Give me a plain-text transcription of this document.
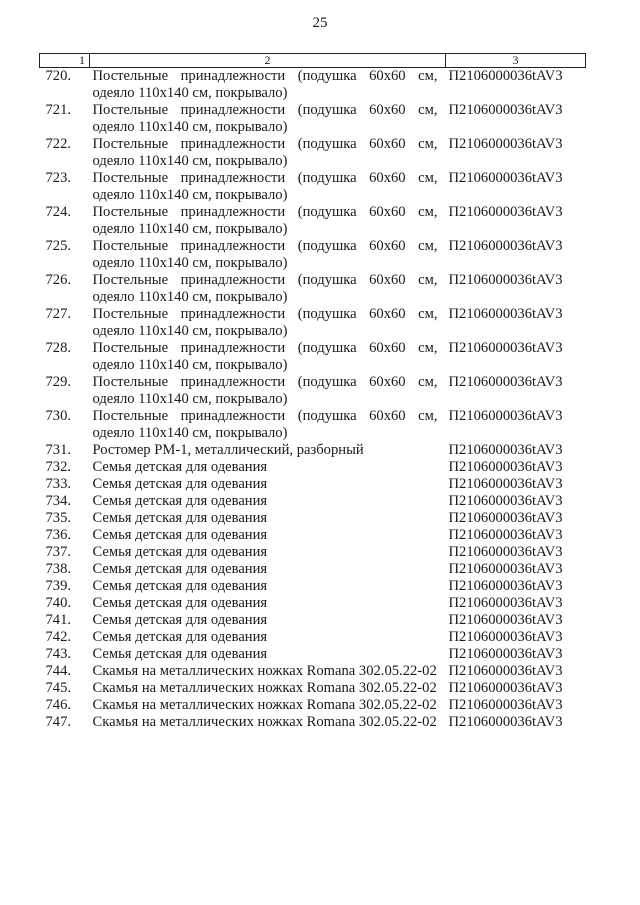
25
1	2	3
720.	Постельные принадлежности (подушка 60x60 см, одеяло 110x140 см, покрывало)	П2106000036tAV3
721.	Постельные принадлежности (подушка 60x60 см, одеяло 110x140 см, покрывало)	П2106000036tAV3
722.	Постельные принадлежности (подушка 60x60 см, одеяло 110x140 см, покрывало)	П2106000036tAV3
723.	Постельные принадлежности (подушка 60x60 см, одеяло 110x140 см, покрывало)	П2106000036tAV3
724.	Постельные принадлежности (подушка 60x60 см, одеяло 110x140 см, покрывало)	П2106000036tAV3
725.	Постельные принадлежности (подушка 60x60 см, одеяло 110x140 см, покрывало)	П2106000036tAV3
726.	Постельные принадлежности (подушка 60x60 см, одеяло 110x140 см, покрывало)	П2106000036tAV3
727.	Постельные принадлежности (подушка 60x60 см, одеяло 110x140 см, покрывало)	П2106000036tAV3
728.	Постельные принадлежности (подушка 60x60 см, одеяло 110x140 см, покрывало)	П2106000036tAV3
729.	Постельные принадлежности (подушка 60x60 см, одеяло 110x140 см, покрывало)	П2106000036tAV3
730.	Постельные принадлежности (подушка 60x60 см, одеяло 110x140 см, покрывало)	П2106000036tAV3
731.	Ростомер РМ-1, металлический, разборный	П2106000036tAV3
732.	Семья детская для одевания	П2106000036tAV3
733.	Семья детская для одевания	П2106000036tAV3
734.	Семья детская для одевания	П2106000036tAV3
735.	Семья детская для одевания	П2106000036tAV3
736.	Семья детская для одевания	П2106000036tAV3
737.	Семья детская для одевания	П2106000036tAV3
738.	Семья детская для одевания	П2106000036tAV3
739.	Семья детская для одевания	П2106000036tAV3
740.	Семья детская для одевания	П2106000036tAV3
741.	Семья детская для одевания	П2106000036tAV3
742.	Семья детская для одевания	П2106000036tAV3
743.	Семья детская для одевания	П2106000036tAV3
744.	Скамья на металлических ножках Romana 302.05.22-02	П2106000036tAV3
745.	Скамья на металлических ножках Romana 302.05.22-02	П2106000036tAV3
746.	Скамья на металлических ножках Romana 302.05.22-02	П2106000036tAV3
747.	Скамья на металлических ножках Romana 302.05.22-02	П2106000036tAV3
